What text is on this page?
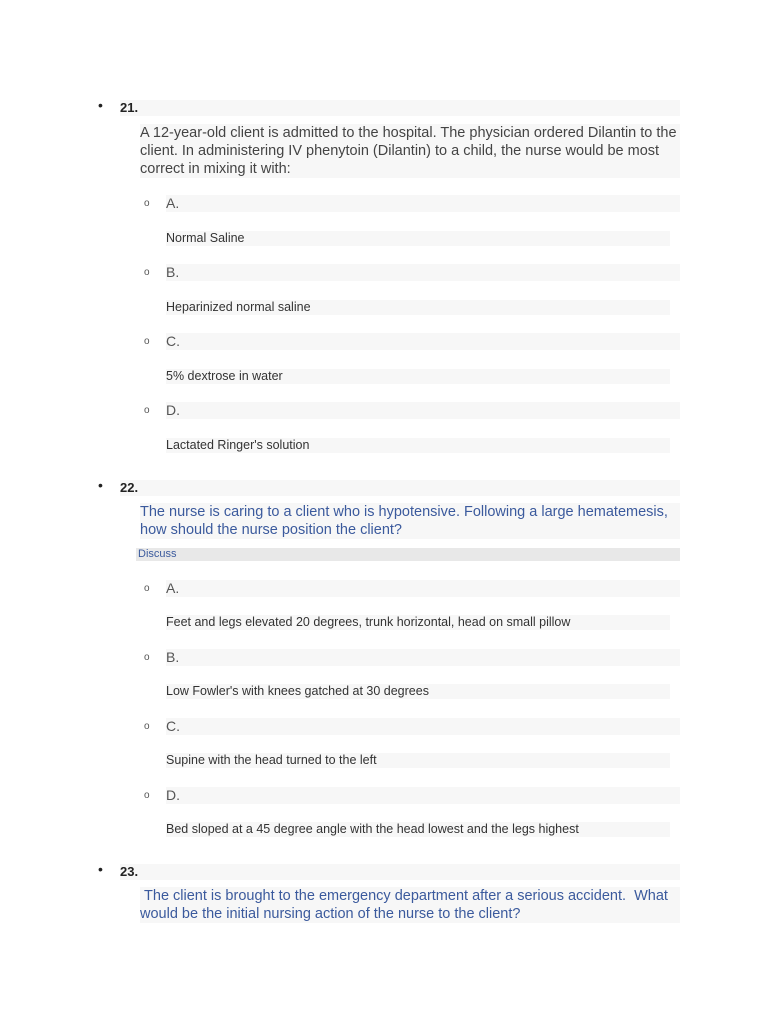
• 21.
A 12-year-old client is admitted to the hospital. The physician ordered Dilantin to the client. In administering IV phenytoin (Dilantin) to a child, the nurse would be most correct in mixing it with:
o A.
Normal Saline
o B.
Heparinized normal saline
o C.
5% dextrose in water
o D.
Lactated Ringer's solution
• 22.
The nurse is caring to a client who is hypotensive. Following a large hematemesis, how should the nurse position the client?
Discuss
o A.
Feet and legs elevated 20 degrees, trunk horizontal, head on small pillow
o B.
Low Fowler's with knees gatched at 30 degrees
o C.
Supine with the head turned to the left
o D.
Bed sloped at a 45 degree angle with the head lowest and the legs highest
• 23.
The client is brought to the emergency department after a serious accident.  What would be the initial nursing action of the nurse to the client?
